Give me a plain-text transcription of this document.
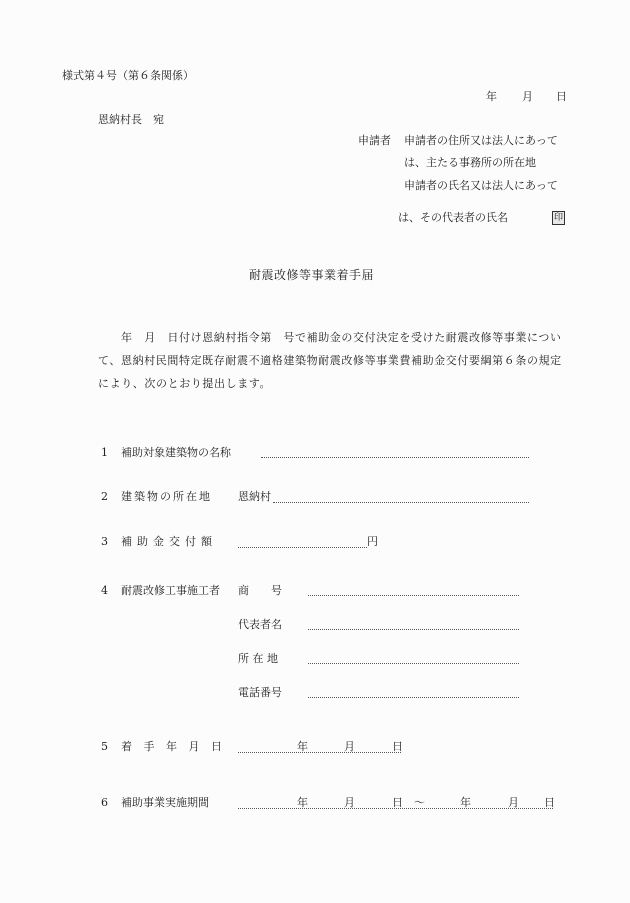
様式第４号（第６条関係）
年 月 日
恩納村長　宛
申請者 申請者の住所又は法人にあって
は、主たる事務所の所在地
申請者の氏名又は法人にあって
は、その代表者の氏名	印
耐震改修等事業着手届
年　月　日付け恩納村指令第　号で補助金の交付決定を受けた耐震改修等事業につい
て、恩納村民間特定既存耐震不適格建築物耐震改修等事業費補助金交付要綱第６条の規定
により、次のとおり提出します。
1 補助対象建築物の名称
2 建築物の所在地 恩納村
3 補助金交付額	円
4 耐震改修工事施工者 商　　号
代表者名
所 在 地
電話番号
5 着 手 年 月 日	年	月	日
6 補助事業実施期間	年	月	日 ～	年	月 日
